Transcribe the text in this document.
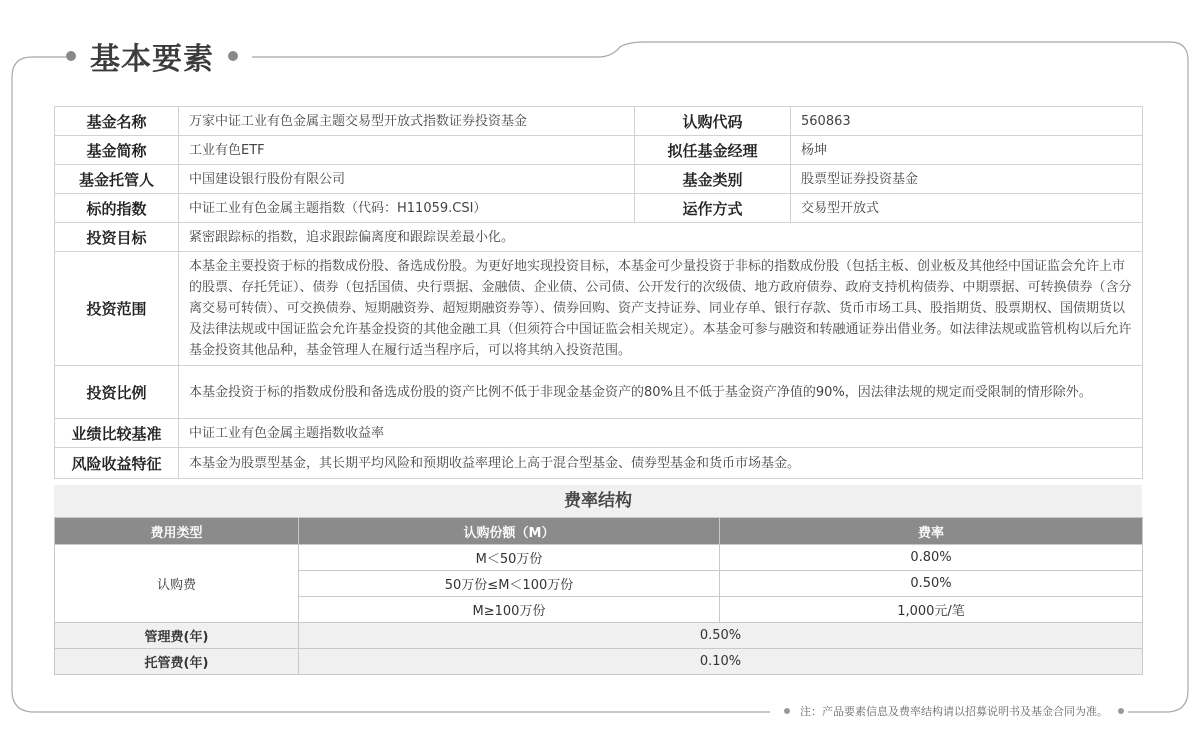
基本要素
基金名称	万家中证工业有色金属主题交易型开放式指数证券投资基金	认购代码	560863
基金简称	工业有色ETF	拟任基金经理	杨坤
基金托管人	中国建设银行股份有限公司	基金类别	股票型证券投资基金
标的指数	中证工业有色金属主题指数（代码：H11059.CSI）	运作方式	交易型开放式
投资目标	紧密跟踪标的指数，追求跟踪偏离度和跟踪误差最小化。		
投资范围	本基金主要投资于标的指数成份股、备选成份股。为更好地实现投资目标，本基金可少量投资于非标的指数成份股（包括主板、创业板及其他经中国证监会允许上市的股票、存托凭证）、债券（包括国债、央行票据、金融债、企业债、公司债、公开发行的次级债、地方政府债券、政府支持机构债券、中期票据、可转换债券（含分离交易可转债）、可交换债券、短期融资券、超短期融资券等）、债券回购、资产支持证券、同业存单、银行存款、货币市场工具、股指期货、股票期权、国债期货以及法律法规或中国证监会允许基金投资的其他金融工具（但须符合中国证监会相关规定）。本基金可参与融资和转融通证券出借业务。如法律法规或监管机构以后允许基金投资其他品种，基金管理人在履行适当程序后，可以将其纳入投资范围。		
投资比例	本基金投资于标的指数成份股和备选成份股的资产比例不低于非现金基金资产的80%且不低于基金资产净值的90%，因法律法规的规定而受限制的情形除外。		
业绩比较基准	中证工业有色金属主题指数收益率		
风险收益特征	本基金为股票型基金，其长期平均风险和预期收益率理论上高于混合型基金、债券型基金和货币市场基金。		
费率结构
费用类型	认购份额（M）	费率
认购费	M＜50万份	0.80%
	50万份≤M＜100万份	0.50%
	M≥100万份	1,000元/笔
管理费(年)	0.50%	
托管费(年)	0.10%	
注：产品要素信息及费率结构请以招募说明书及基金合同为准。
